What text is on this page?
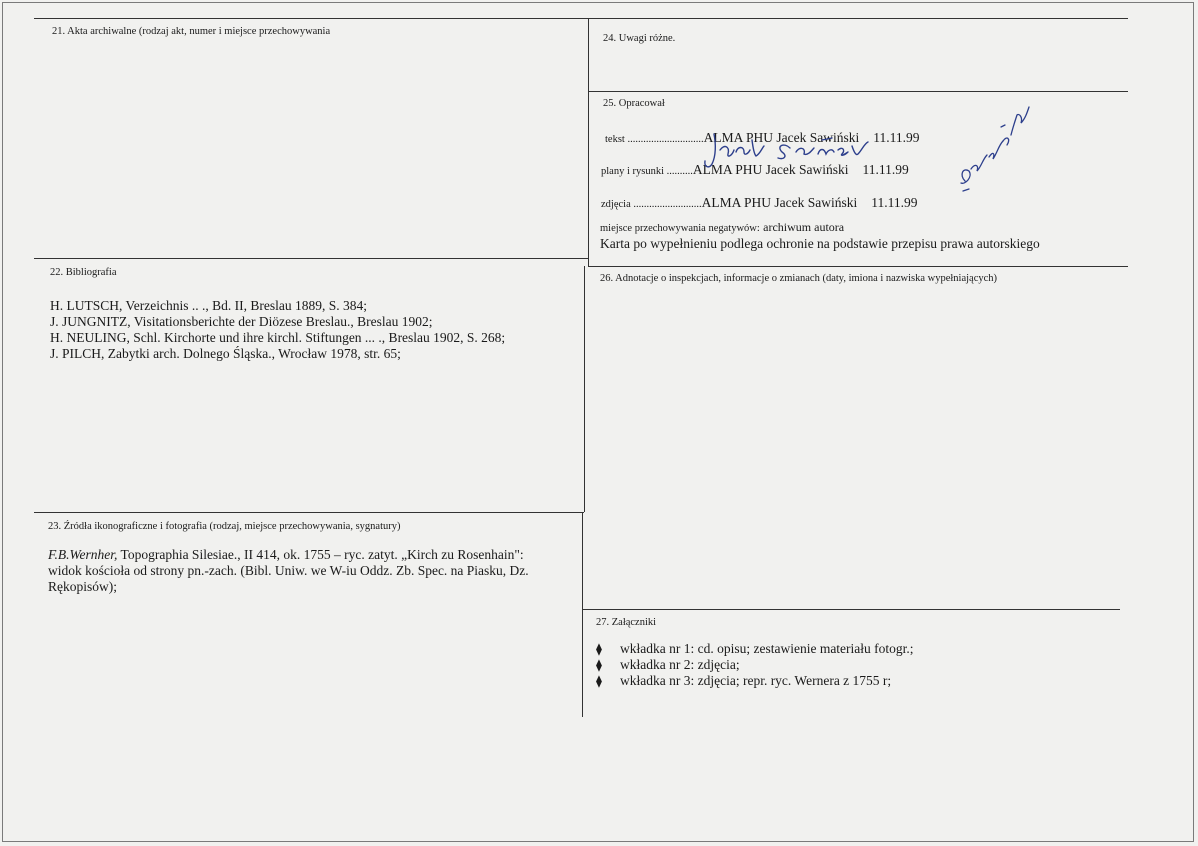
21. Akta archiwalne (rodzaj akt, numer i miejsce przechowywania
24. Uwagi różne.
25. Opracował
tekst .............................ALMA PHU Jacek Sawiński 11.11.99
plany i rysunki ..........ALMA PHU Jacek Sawiński 11.11.99
zdjęcia ..........................ALMA PHU Jacek Sawiński 11.11.99
miejsce przechowywania negatywów: archiwum autora
Karta po wypełnieniu podlega ochronie na podstawie przepisu prawa autorskiego
22. Bibliografia
H. LUTSCH, Verzeichnis .. ., Bd. II, Breslau 1889, S. 384;
J. JUNGNITZ, Visitationsberichte der Diözese Breslau., Breslau 1902;
H. NEULING, Schl. Kirchorte und ihre kirchl. Stiftungen ... ., Breslau 1902, S. 268;
J. PILCH, Zabytki arch. Dolnego Śląska., Wrocław 1978, str. 65;
26. Adnotacje o inspekcjach, informacje o zmianach (daty, imiona i nazwiska wypełniających)
23. Źródła ikonograficzne i fotografia (rodzaj, miejsce przechowywania, sygnatury)
F.B.Wernher, Topographia Silesiae., II 414, ok. 1755 – ryc. zatyt. „Kirch zu Rosenhain":
widok kościoła od strony pn.-zach. (Bibl. Uniw. we W-iu Oddz. Zb. Spec. na Piasku, Dz.
Rękopisów);
27. Załączniki
⧫ wkładka nr 1: cd. opisu; zestawienie materiału fotogr.;
⧫ wkładka nr 2: zdjęcia;
⧫ wkładka nr 3: zdjęcia; repr. ryc. Wernera z 1755 r;
